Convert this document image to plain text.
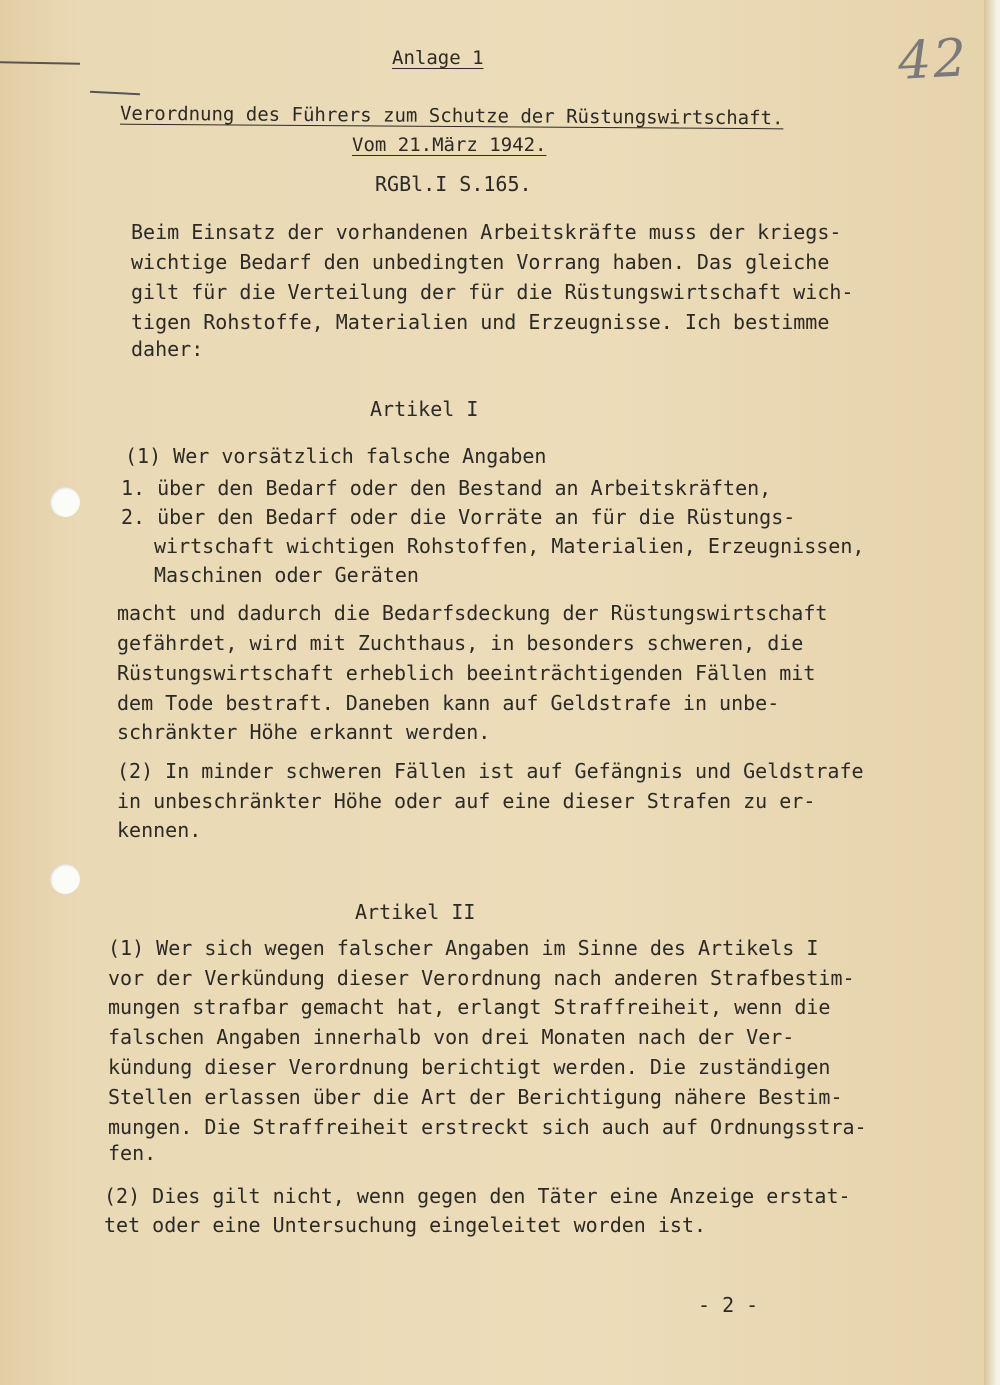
42
Anlage 1
Verordnung des Führers zum Schutze der Rüstungswirtschaft.
Vom 21.März 1942.
RGBl.I S.165.
Beim Einsatz der vorhandenen Arbeitskräfte muss der kriegs-
wichtige Bedarf den unbedingten Vorrang haben. Das gleiche
gilt für die Verteilung der für die Rüstungswirtschaft wich-
tigen Rohstoffe, Materialien und Erzeugnisse. Ich bestimme
daher:
Artikel I
(1) Wer vorsätzlich falsche Angaben
1. über den Bedarf oder den Bestand an Arbeitskräften,
2. über den Bedarf oder die Vorräte an für die Rüstungs-
wirtschaft wichtigen Rohstoffen, Materialien, Erzeugnissen,
Maschinen oder Geräten
macht und dadurch die Bedarfsdeckung der Rüstungswirtschaft
gefährdet, wird mit Zuchthaus, in besonders schweren, die
Rüstungswirtschaft erheblich beeinträchtigenden Fällen mit
dem Tode bestraft. Daneben kann auf Geldstrafe in unbe-
schränkter Höhe erkannt werden.
(2) In minder schweren Fällen ist auf Gefängnis und Geldstrafe
in unbeschränkter Höhe oder auf eine dieser Strafen zu er-
kennen.
Artikel II
(1) Wer sich wegen falscher Angaben im Sinne des Artikels I
vor der Verkündung dieser Verordnung nach anderen Strafbestim-
mungen strafbar gemacht hat, erlangt Straffreiheit, wenn die
falschen Angaben innerhalb von drei Monaten nach der Ver-
kündung dieser Verordnung berichtigt werden. Die zuständigen
Stellen erlassen über die Art der Berichtigung nähere Bestim-
mungen. Die Straffreiheit erstreckt sich auch auf Ordnungsstra-
fen.
(2) Dies gilt nicht, wenn gegen den Täter eine Anzeige erstat-
tet oder eine Untersuchung eingeleitet worden ist.
- 2 -
